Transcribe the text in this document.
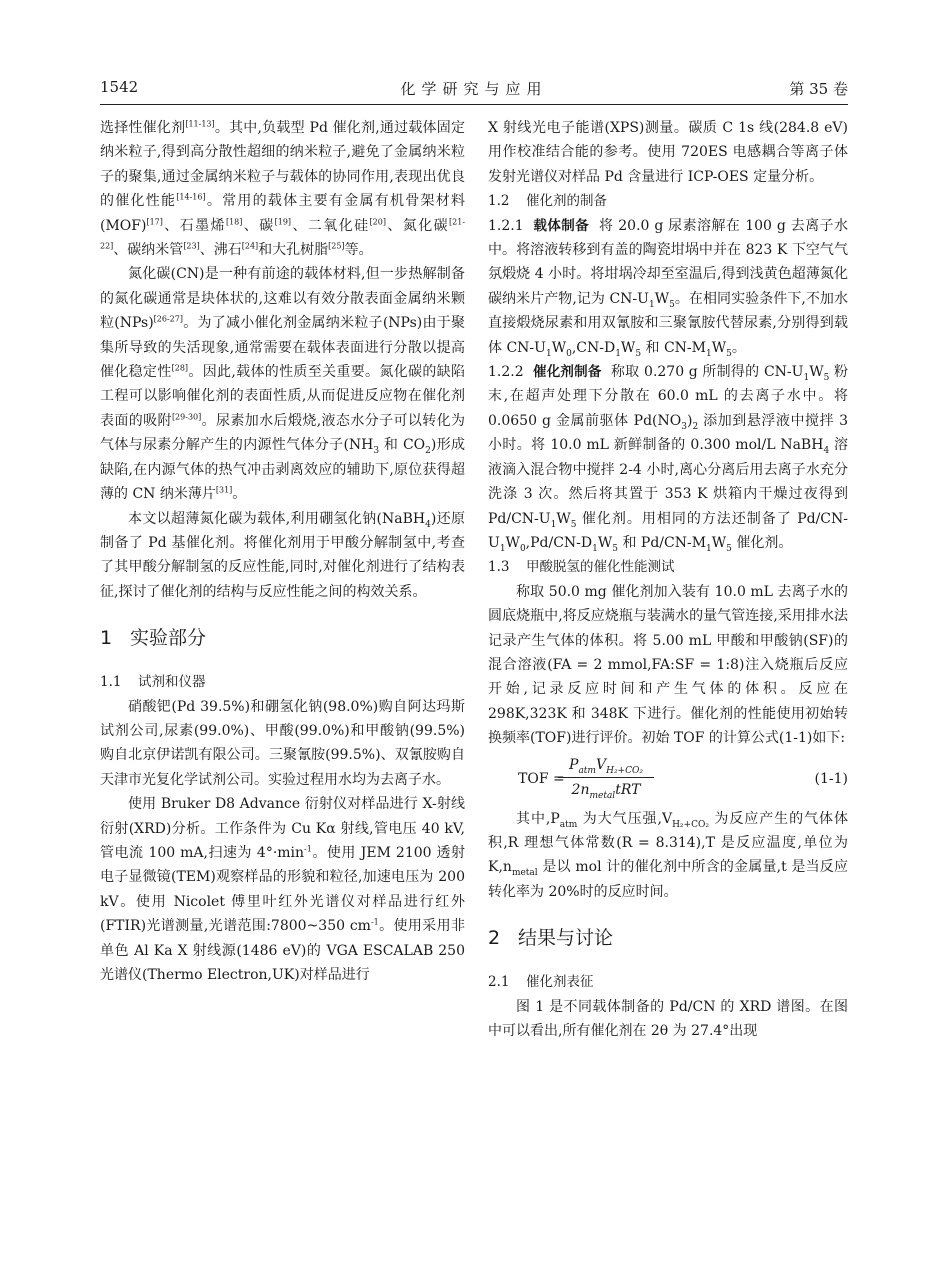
1542	化学研究与应用	第 35 卷

选择性催化剂[11-13]。其中,负载型 Pd 催化剂,通过载体固定纳米粒子,得到高分散性超细的纳米粒子,避免了金属纳米粒子的聚集,通过金属纳米粒子与载体的协同作用,表现出优良的催化性能[14-16]。常用的载体主要有金属有机骨架材料(MOF)[17]、石墨烯[18]、碳[19]、二氧化硅[20]、氮化碳[21-22]、碳纳米管[23]、沸石[24]和大孔树脂[25]等。

氮化碳(CN)是一种有前途的载体材料,但一步热解制备的氮化碳通常是块体状的,这难以有效分散表面金属纳米颗粒(NPs)[26-27]。为了减小催化剂金属纳米粒子(NPs)由于聚集所导致的失活现象,通常需要在载体表面进行分散以提高催化稳定性[28]。因此,载体的性质至关重要。氮化碳的缺陷工程可以影响催化剂的表面性质,从而促进反应物在催化剂表面的吸附[29-30]。尿素加水后煅烧,液态水分子可以转化为气体与尿素分解产生的内源性气体分子($NH_3$ 和 $CO_2$)形成缺陷,在内源气体的热气冲击剥离效应的辅助下,原位获得超薄的 CN 纳米薄片[31]。

本文以超薄氮化碳为载体,利用硼氢化钠(NaBH$_4$)还原制备了 Pd 基催化剂。将催化剂用于甲酸分解制氢中,考查了其甲酸分解制氢的反应性能,同时,对催化剂进行了结构表征,探讨了催化剂的结构与反应性能之间的构效关系。

1 实验部分
1.1 试剂和仪器

硝酸钯(Pd 39.5%)和硼氢化钠(98.0%)购自阿达玛斯试剂公司,尿素(99.0%)、甲酸(99.0%)和甲酸钠(99.5%)购自北京伊诺凯有限公司。三聚氰胺(99.5%)、双氰胺购自天津市光复化学试剂公司。实验过程用水均为去离子水。

使用 Bruker D8 Advance 衍射仪对样品进行 X-射线衍射(XRD)分析。工作条件为 Cu Kα 射线,管电压 40 kV,管电流 100 mA,扫速为 4°·min$^{-1}$。使用 JEM 2100 透射电子显微镜(TEM)观察样品的形貌和粒径,加速电压为 200 kV。使用 Nicolet 傅里叶红外光谱仪对样品进行红外(FTIR)光谱测量,光谱范围:7800~350 cm$^{-1}$。使用采用非单色 Al Ka X 射线源(1486 eV)的 VGA ESCALAB 250 光谱仪(Thermo Electron,UK)对样品进行

X 射线光电子能谱(XPS)测量。碳质 C 1s 线(284.8 eV)用作校准结合能的参考。使用 720ES 电感耦合等离子体发射光谱仪对样品 Pd 含量进行 ICP-OES 定量分析。

1.2 催化剂的制备

1.2.1 载体制备 将 20.0 g 尿素溶解在 100 g 去离子水中。将溶液转移到有盖的陶瓷坩埚中并在 823 K 下空气气氛煅烧 4 小时。将坩埚冷却至室温后,得到浅黄色超薄氮化碳纳米片产物,记为 $CN-U_1W_5$。在相同实验条件下,不加水直接煅烧尿素和用双氰胺和三聚氰胺代替尿素,分别得到载体 $CN-U_1W_0,CN-D_1W_5$ 和 $CN-M_1W_5$。

1.2.2 催化剂制备 称取 0.270 g 所制得的 $CN-U_1W_5$ 粉末,在超声处理下分散在 60.0 mL 的去离子水中。将 0.0650 g 金属前驱体 $Pd(NO_3)_2$ 添加到悬浮液中搅拌 3 小时。将 10.0 mL 新鲜制备的 0.300 mol/L NaBH$_4$ 溶液滴入混合物中搅拌 2-4 小时,离心分离后用去离子水充分洗涤 3 次。然后将其置于 353 K 烘箱内干燥过夜得到 $Pd/CN-U_1W_5$ 催化剂。用相同的方法还制备了 $Pd/CN-U_1W_0,Pd/CN-D_1W_5$ 和 $Pd/CN-M_1W_5$ 催化剂。

1.3 甲酸脱氢的催化性能测试

称取 50.0 mg 催化剂加入装有 10.0 mL 去离子水的圆底烧瓶中,将反应烧瓶与装满水的量气管连接,采用排水法记录产生气体的体积。将 5.00 mL 甲酸和甲酸钠(SF)的混合溶液(FA = 2 mmol,FA:SF = 1:8)注入烧瓶后反应开始,记录反应时间和产生气体的体积。反应在 298K,323K 和 348K 下进行。催化剂的性能使用初始转换频率(TOF)进行评价。初始 TOF 的计算公式(1-1)如下:

TOF =
$P_{atm}V_{H_2+CO_2}$
$2n_{metal}tRT$
(1-1)

其中$,P_{atm}$ 为大气压强$,V_{H_2+CO_2}$ 为反应产生的气体体积,R 理想气体常数(R = 8.314),T 是反应温度,单位为 $K,n_{metal}$ 是以 mol 计的催化剂中所含的金属量,t 是当反应转化率为 20%时的反应时间。

2 结果与讨论
2.1 催化剂表征

图 1 是不同载体制备的 Pd/CN 的 XRD 谱图。在图中可以看出,所有催化剂在 2θ 为 27.4°出现
